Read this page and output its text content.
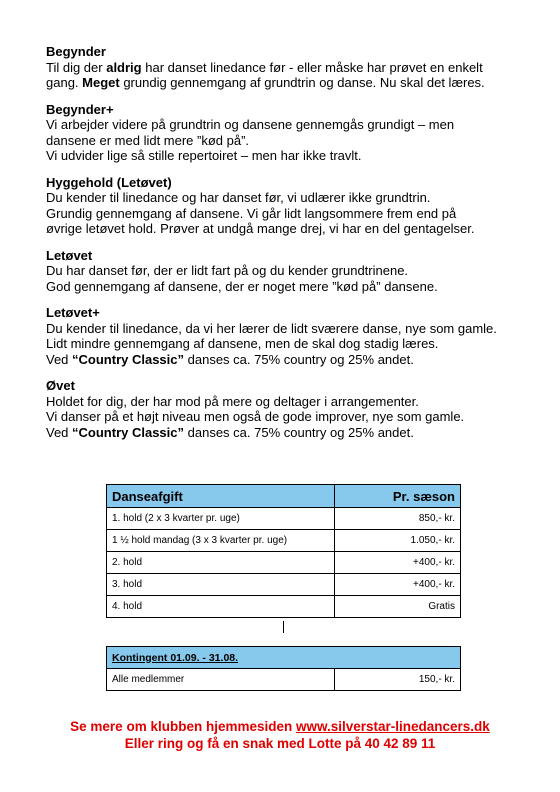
Begynder

Til dig der aldrig har danset linedance før - eller måske har prøvet en enkelt

gang. Meget grundig gennemgang af grundtrin og danse. Nu skal det læres.

Begynder+

Vi arbejder videre på grundtrin og dansene gennemgås grundigt – men

dansene er med lidt mere ”kød på”.

Vi udvider lige så stille repertoiret – men har ikke travlt.

Hyggehold (Letøvet)

Du kender til linedance og har danset før, vi udlærer ikke grundtrin.

Grundig gennemgang af dansene. Vi går lidt langsommere frem end på

øvrige letøvet hold. Prøver at undgå mange drej, vi har en del gentagelser.

Letøvet

Du har danset før, der er lidt fart på og du kender grundtrinene.

God gennemgang af dansene, der er noget mere ”kød på” dansene.

Letøvet+

Du kender til linedance, da vi her lærer de lidt sværere danse, nye som gamle.

Lidt mindre gennemgang af dansene, men de skal dog stadig læres.

Ved “Country Classic” danses ca. 75% country og 25% andet.

Øvet

Holdet for dig, der har mod på mere og deltager i arrangementer.

Vi danser på et højt niveau men også de gode improver, nye som gamle.

Ved “Country Classic” danses ca. 75% country og 25% andet.

Danseafgift	Pr. sæson
1. hold (2 x 3 kvarter pr. uge)	850,- kr.
1 ½ hold mandag (3 x 3 kvarter pr. uge)	1.050,- kr.
2. hold	+400,- kr.
3. hold	+400,- kr.
4. hold	Gratis
Kontingent 01.09. - 31.08.
Alle medlemmer	150,- kr.
Se mere om klubben hjemmesiden www.silverstar-linedancers.dk
Eller ring og få en snak med Lotte på 40 42 89 11
